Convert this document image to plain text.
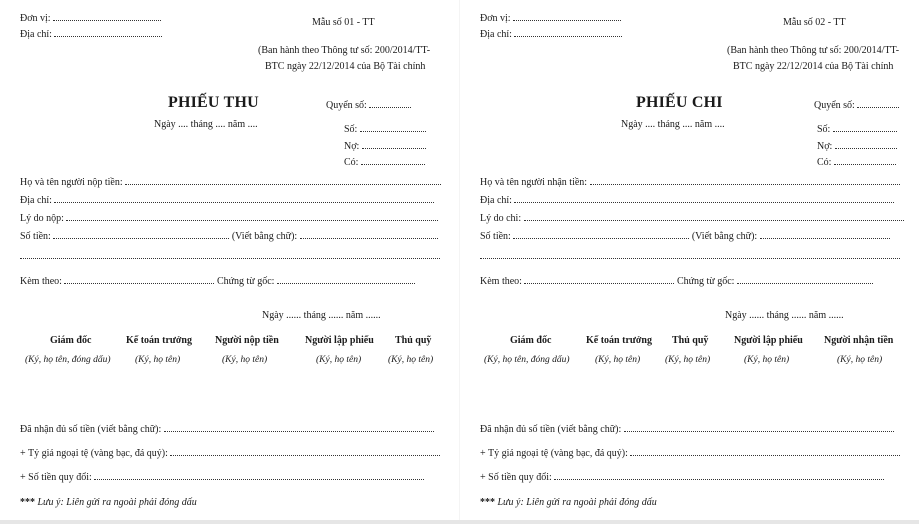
Đơn vị:
Địa chỉ:
Mẫu số 01 - TT
(Ban hành theo Thông tư số: 200/2014/TT-
BTC ngày 22/12/2014 của Bộ Tài chính
PHIẾU THU
Ngày .... tháng .... năm ....
Quyển số:
Số:
Nợ:
Có:
Họ và tên người nộp tiền:
Địa chỉ:
Lý do nộp:
Số tiền:	(Viết bằng chữ):
Kèm theo:	Chứng từ gốc:
Ngày ...... tháng ...... năm ......
Giám đốc
(Ký, họ tên, đóng dấu)
Kế toán trưởng
(Ký, họ tên)
Người nộp tiền
(Ký, họ tên)
Người lập phiếu
(Ký, họ tên)
Thủ quỹ
(Ký, họ tên)
Đã nhận đủ số tiền (viết bằng chữ):
+ Tỷ giá ngoại tệ (vàng bạc, đá quý):
+ Số tiền quy đổi:
*** Lưu ý: Liên gửi ra ngoài phải đóng dấu
Đơn vị:
Địa chỉ:
Mẫu số 02 - TT
(Ban hành theo Thông tư số: 200/2014/TT-
BTC ngày 22/12/2014 của Bộ Tài chính
PHIẾU CHI
Ngày .... tháng .... năm ....
Quyển số:
Số:
Nợ:
Có:
Họ và tên người nhận tiền:
Địa chỉ:
Lý do chi:
Số tiền:	(Viết bằng chữ):
Kèm theo:	Chứng từ gốc:
Ngày ...... tháng ...... năm ......
Giám đốc
(Ký, họ tên, đóng dấu)
Kế toán trưởng
(Ký, họ tên)
Thủ quỹ
(Ký, họ tên)
Người lập phiếu
(Ký, họ tên)
Người nhận tiền
(Ký, họ tên)
Đã nhận đủ số tiền (viết bằng chữ):
+ Tỷ giá ngoại tệ (vàng bạc, đá quý):
+ Số tiền quy đổi:
*** Lưu ý: Liên gửi ra ngoài phải đóng dấu
